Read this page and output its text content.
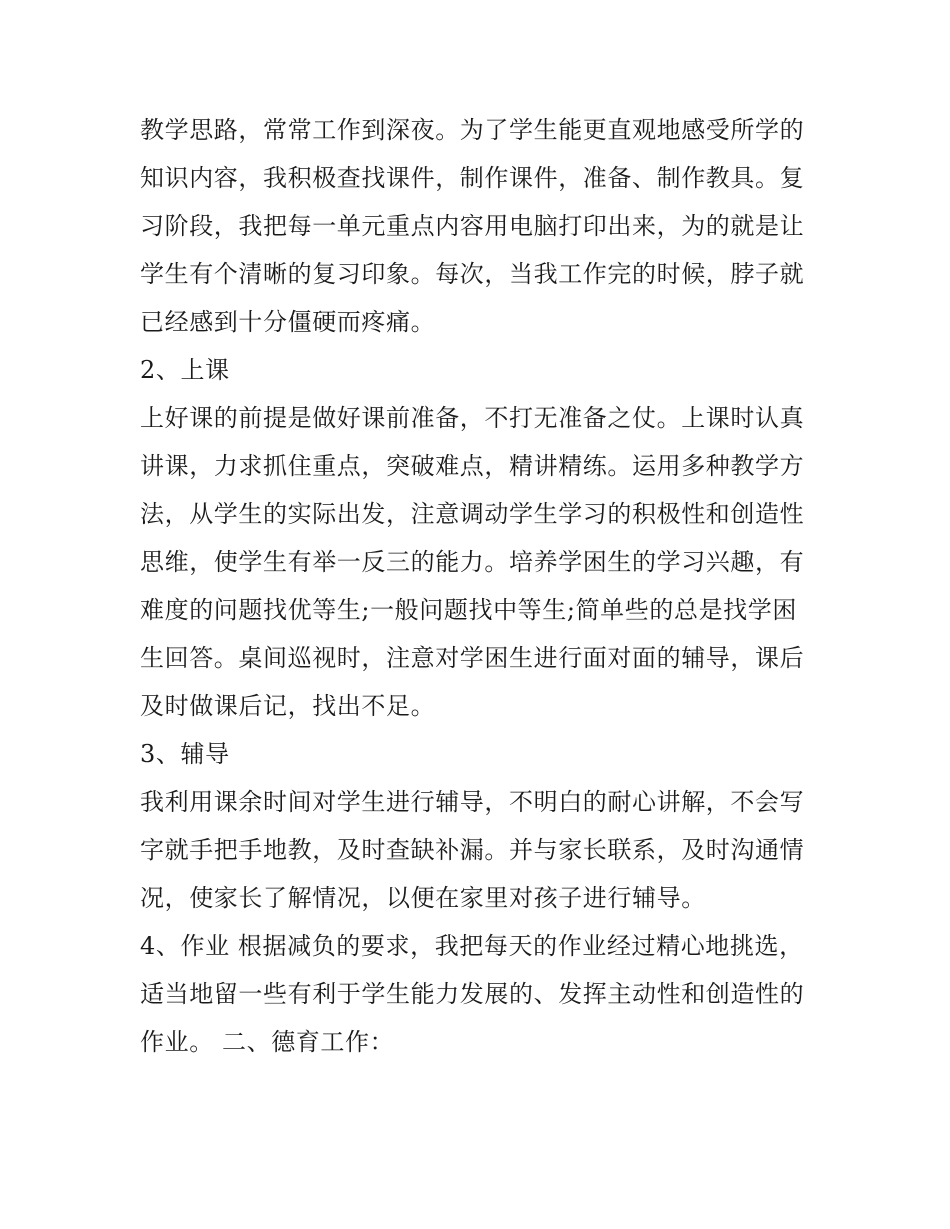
教学思路，常常工作到深夜。为了学生能更直观地感受所学的
知识内容，我积极查找课件，制作课件，准备、制作教具。复
习阶段，我把每一单元重点内容用电脑打印出来，为的就是让
学生有个清晰的复习印象。每次，当我工作完的时候，脖子就
已经感到十分僵硬而疼痛。
2、上课
上好课的前提是做好课前准备，不打无准备之仗。上课时认真
讲课，力求抓住重点，突破难点，精讲精练。运用多种教学方
法，从学生的实际出发，注意调动学生学习的积极性和创造性
思维，使学生有举一反三的能力。培养学困生的学习兴趣，有
难度的问题找优等生;一般问题找中等生;简单些的总是找学困
生回答。桌间巡视时，注意对学困生进行面对面的辅导，课后
及时做课后记，找出不足。
3、辅导
我利用课余时间对学生进行辅导，不明白的耐心讲解，不会写
字就手把手地教，及时查缺补漏。并与家长联系，及时沟通情
况，使家长了解情况，以便在家里对孩子进行辅导。
4、作业 根据减负的要求，我把每天的作业经过精心地挑选，
适当地留一些有利于学生能力发展的、发挥主动性和创造性的
作业。 二、德育工作：
